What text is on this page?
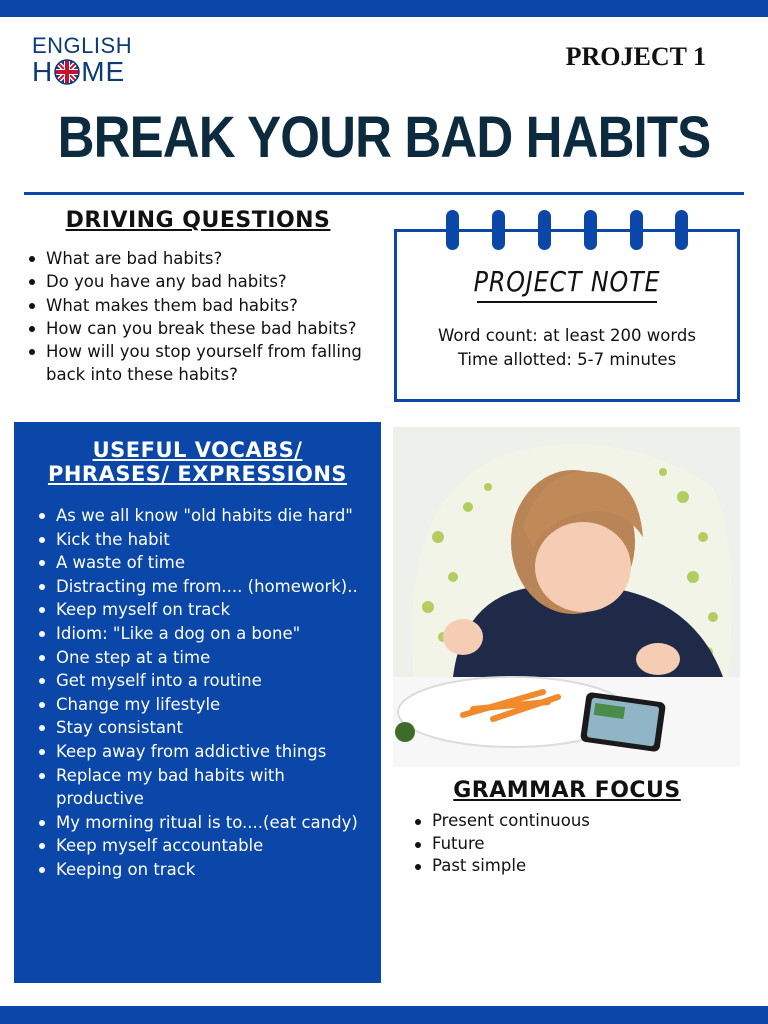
ENGLISH
H ME	PROJECT 1
BREAK YOUR BAD HABITS
DRIVING QUESTIONS
What are bad habits?
Do you have any bad habits?
What makes them bad habits?
How can you break these bad habits?
How will you stop yourself from falling back into these habits?
PROJECT NOTE
Word count: at least 200 words
Time allotted: 5-7 minutes
USEFUL VOCABS/
PHRASES/ EXPRESSIONS
As we all know "old habits die hard"
Kick the habit
A waste of time
Distracting me from.... (homework)..
Keep myself on track
Idiom: "Like a dog on a bone"
One step at a time
Get myself into a routine
Change my lifestyle
Stay consistant
Keep away from addictive things
Replace my bad habits with productive
My morning ritual is to....(eat candy)
Keep myself accountable
Keeping on track
GRAMMAR FOCUS
Present continuous
Future
Past simple
